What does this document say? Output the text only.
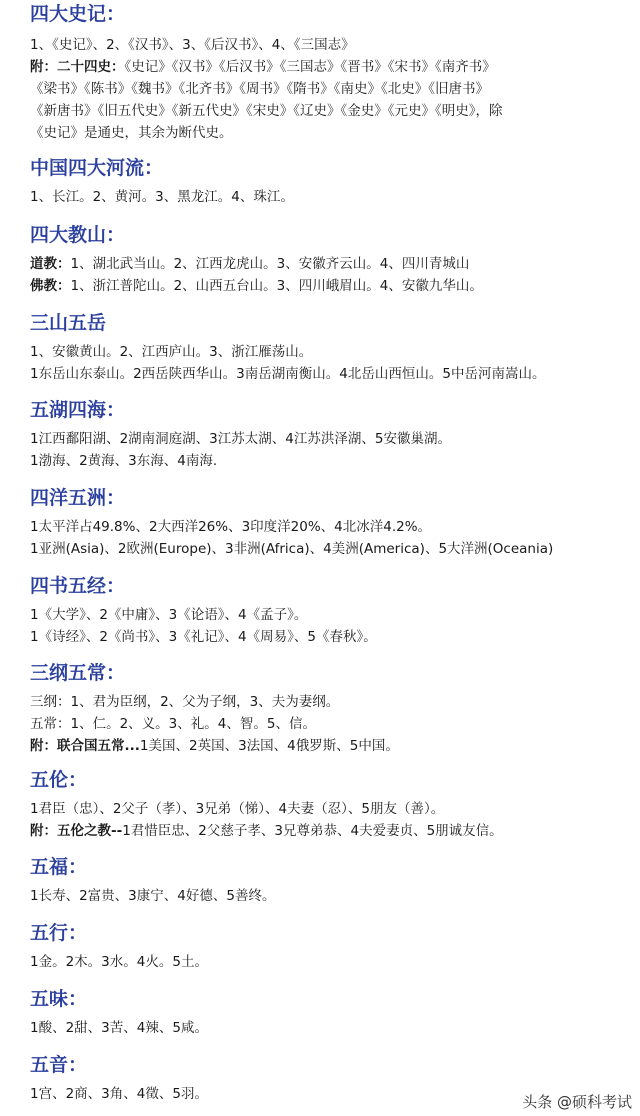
四大史记：
1、《史记》、2、《汉书》、3、《后汉书》、4、《三国志》
附：二十四史：《史记》《汉书》《后汉书》《三国志》《晋书》《宋书》《南齐书》
《梁书》《陈书》《魏书》《北齐书》《周书》《隋书》《南史》《北史》《旧唐书》
《新唐书》《旧五代史》《新五代史》《宋史》《辽史》《金史》《元史》《明史》，除
《史记》是通史，其余为断代史。
中国四大河流：
1、长江。2、黄河。3、黑龙江。4、珠江。
四大教山：
道教：1、湖北武当山。2、江西龙虎山。3、安徽齐云山。4、四川青城山
佛教：1、浙江普陀山。2、山西五台山。3、四川峨眉山。4、安徽九华山。
三山五岳
1、安徽黄山。2、江西庐山。3、浙江雁荡山。
1东岳山东泰山。2西岳陕西华山。3南岳湖南衡山。4北岳山西恒山。5中岳河南嵩山。
五湖四海：
1江西鄱阳湖、2湖南洞庭湖、3江苏太湖、4江苏洪泽湖、5安徽巢湖。
1渤海、2黄海、3东海、4南海.
四洋五洲：
1太平洋占49.8%、2大西洋26%、3印度洋20%、4北冰洋4.2%。
1亚洲(Asia)、2欧洲(Europe)、3非洲(Africa)、4美洲(America)、5大洋洲(Oceania)
四书五经：
1《大学》、2《中庸》、3《论语》、4《孟子》。
1《诗经》、2《尚书》、3《礼记》、4《周易》、5《春秋》。
三纲五常：
三纲：1、君为臣纲，2、父为子纲，3、夫为妻纲。
五常：1、仁。2、义。3、礼。4、智。5、信。
附：联合国五常...1美国、2英国、3法国、4俄罗斯、5中国。
五伦：
1君臣（忠）、2父子（孝）、3兄弟（悌）、4夫妻（忍）、5朋友（善）。
附：五伦之教--1君惜臣忠、2父慈子孝、3兄尊弟恭、4夫爱妻贞、5朋诚友信。
五福：
1长寿、2富贵、3康宁、4好德、5善终。
五行：
1金。2木。3水。4火。5土。
五味：
1酸、2甜、3苦、4辣、5咸。
五音：
1宫、2商、3角、4徵、5羽。	头条 @硕科考试
